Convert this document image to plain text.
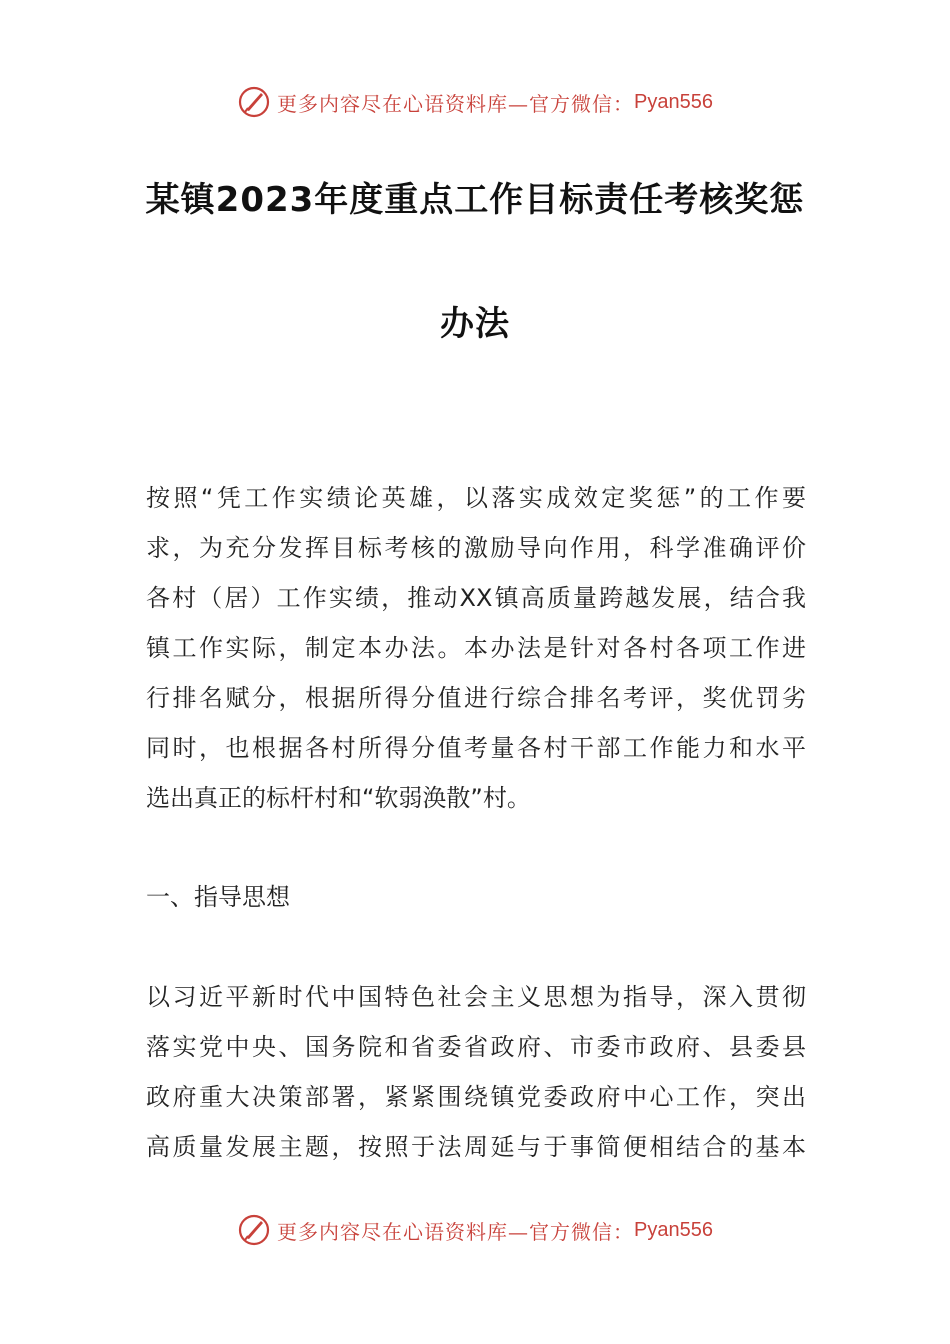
更多内容尽在心语资料库—官方微信： Pyan556
某镇2023年度重点工作目标责任考核奖惩
办法
按照“凭工作实绩论英雄，以落实成效定奖惩”的工作要
求，为充分发挥目标考核的激励导向作用，科学准确评价
各村（居）工作实绩，推动XX镇高质量跨越发展，结合我
镇工作实际，制定本办法。本办法是针对各村各项工作进
行排名赋分，根据所得分值进行综合排名考评，奖优罚劣
同时，也根据各村所得分值考量各村干部工作能力和水平
选出真正的标杆村和“软弱涣散”村。
一、指导思想
以习近平新时代中国特色社会主义思想为指导，深入贯彻
落实党中央、国务院和省委省政府、市委市政府、县委县
政府重大决策部署，紧紧围绕镇党委政府中心工作，突出
高质量发展主题，按照于法周延与于事简便相结合的基本
更多内容尽在心语资料库—官方微信： Pyan556
